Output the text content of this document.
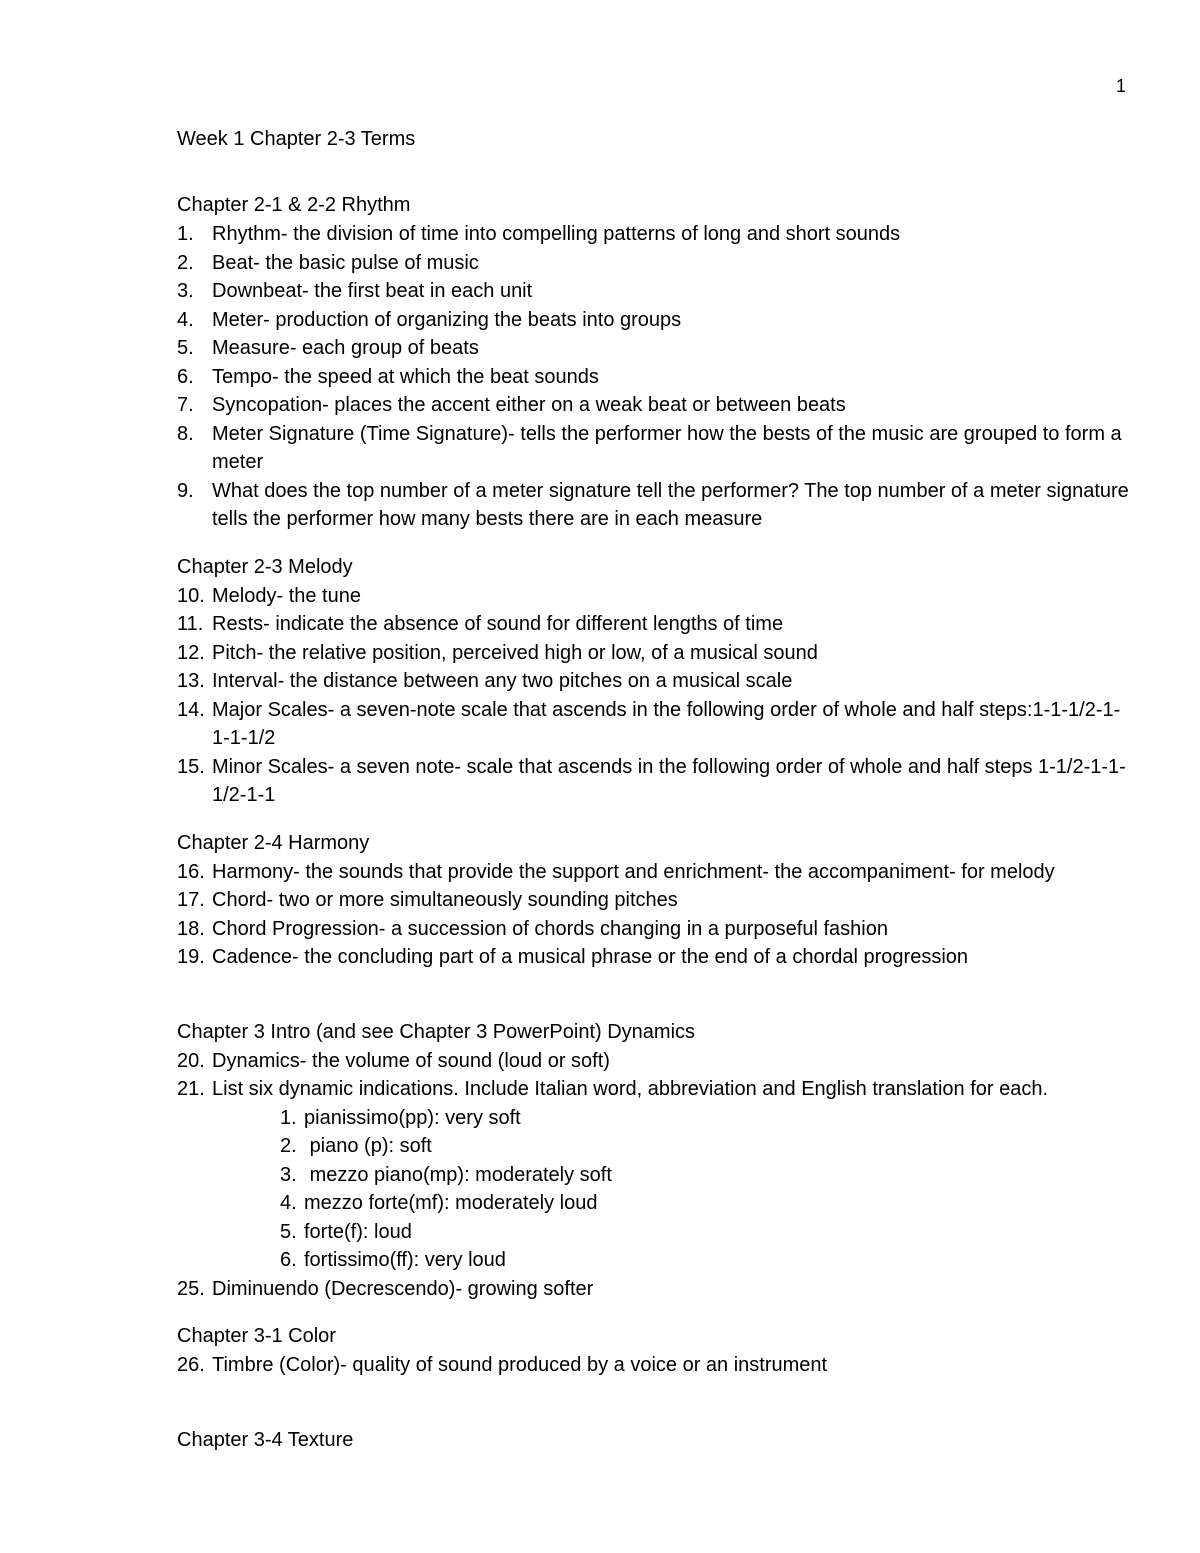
1
Week 1 Chapter 2-3 Terms
Chapter 2-1 & 2-2 Rhythm
1. Rhythm- the division of time into compelling patterns of long and short sounds
2. Beat- the basic pulse of music
3. Downbeat- the first beat in each unit
4. Meter- production of organizing the beats into groups
5. Measure- each group of beats
6. Tempo- the speed at which the beat sounds
7. Syncopation- places the accent either on a weak beat or between beats
8. Meter Signature (Time Signature)- tells the performer how the bests of the music are grouped to form a meter
9. What does the top number of a meter signature tell the performer? The top number of a meter signature tells the performer how many bests there are in each measure
Chapter 2-3 Melody
10. Melody- the tune
11. Rests- indicate the absence of sound for different lengths of time
12. Pitch- the relative position, perceived high or low, of a musical sound
13. Interval- the distance between any two pitches on a musical scale
14. Major Scales- a seven-note scale that ascends in the following order of whole and half steps:1-1-1/2-1-1-1-1/2
15. Minor Scales- a seven note- scale that ascends in the following order of whole and half steps 1-1/2-1-1-1/2-1-1
Chapter 2-4 Harmony
16. Harmony- the sounds that provide the support and enrichment- the accompaniment- for melody
17. Chord- two or more simultaneously sounding pitches
18. Chord Progression- a succession of chords changing in a purposeful fashion
19. Cadence- the concluding part of a musical phrase or the end of a chordal progression
Chapter 3 Intro (and see Chapter 3 PowerPoint) Dynamics
20. Dynamics- the volume of sound (loud or soft)
21. List six dynamic indications. Include Italian word, abbreviation and English translation for each.
1. pianissimo(pp): very soft
2. piano (p): soft
3. mezzo piano(mp): moderately soft
4. mezzo forte(mf): moderately loud
5. forte(f): loud
6. fortissimo(ff): very loud
25. Diminuendo (Decrescendo)- growing softer
Chapter 3-1 Color
26. Timbre (Color)- quality of sound produced by a voice or an instrument
Chapter 3-4 Texture
